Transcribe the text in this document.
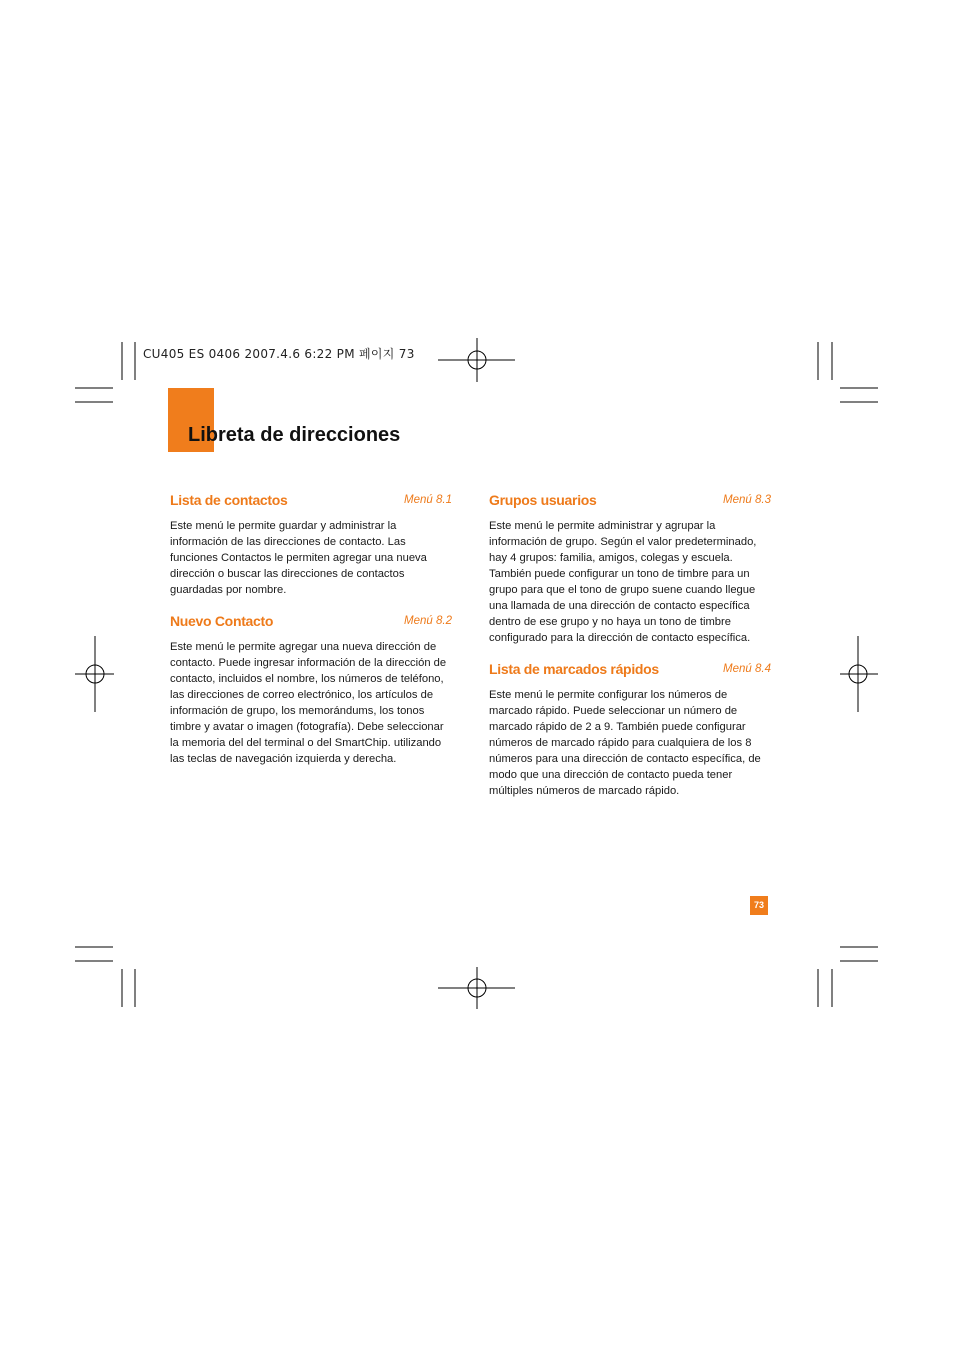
CU405 ES 0406 2007.4.6 6:22 PM 페이지 73
Libreta de direcciones
Lista de contactos	Menú 8.1

Este menú le permite guardar y administrar la información de las direcciones de contacto. Las funciones Contactos le permiten agregar una nueva dirección o buscar las direcciones de contactos guardadas por nombre.

Nuevo Contacto	Menú 8.2

Este menú le permite agregar una nueva dirección de contacto. Puede ingresar información de la dirección de contacto, incluidos el nombre, los números de teléfono, las direcciones de correo electrónico, los artículos de información de grupo, los memorándums, los tonos timbre y avatar o imagen (fotografía). Debe seleccionar la memoria del del terminal o del SmartChip. utilizando las teclas de navegación izquierda y derecha.

Grupos usuarios	Menú 8.3

Este menú le permite administrar y agrupar la información de grupo. Según el valor predeterminado, hay 4 grupos: familia, amigos, colegas y escuela. También puede configurar un tono de timbre para un grupo para que el tono de grupo suene cuando llegue una llamada de una dirección de contacto específica dentro de ese grupo y no haya un tono de timbre configurado para la dirección de contacto específica.

Lista de marcados rápidos	Menú 8.4

Este menú le permite configurar los números de marcado rápido. Puede seleccionar un número de marcado rápido de 2 a 9. También puede configurar números de marcado rápido para cualquiera de los 8 números para una dirección de contacto específica, de modo que una dirección de contacto pueda tener múltiples números de marcado rápido.

73
